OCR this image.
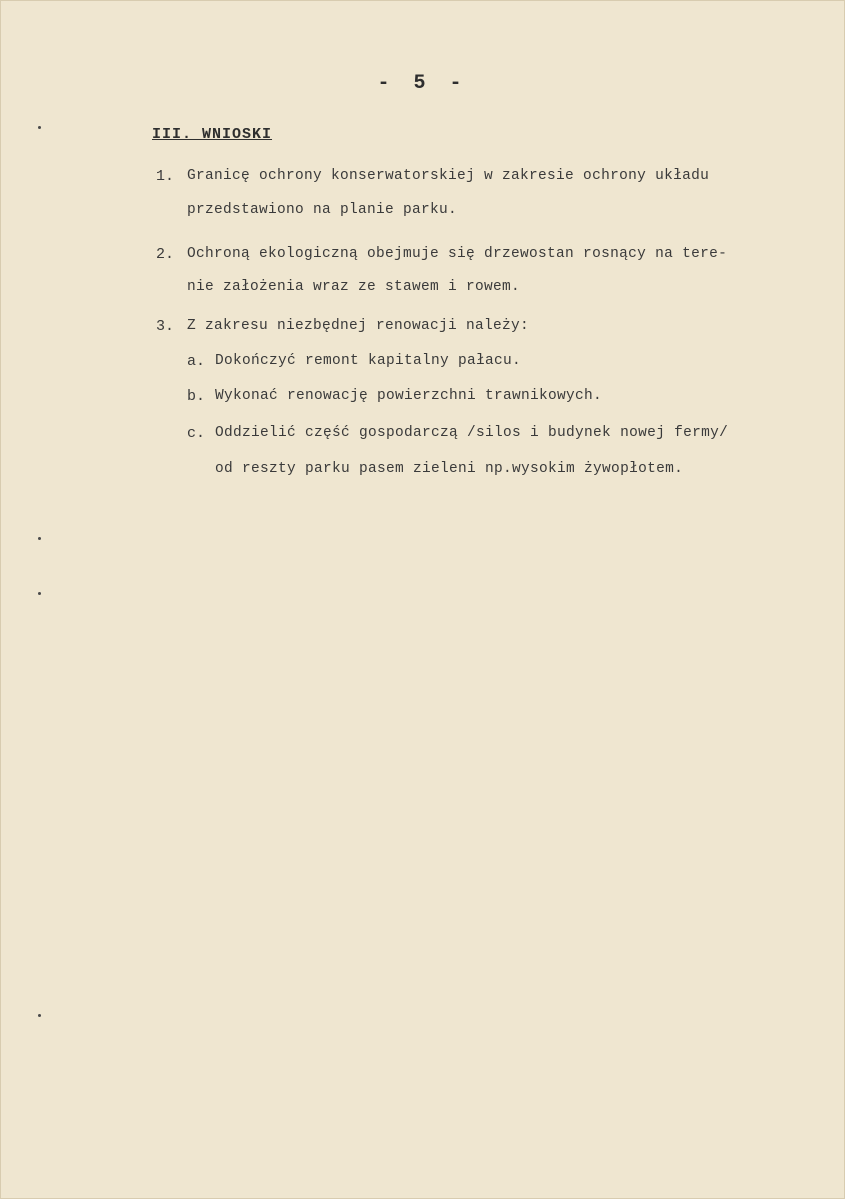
- 5 -
III. WNIOSKI
1. Granicę ochrony konserwatorskiej w zakresie ochrony układu
przedstawiono na planie parku.
2. Ochroną ekologiczną obejmuje się drzewostan rosnący na tere-
nie założenia wraz ze stawem i rowem.
3. Z zakresu niezbędnej renowacji należy:
a. Dokończyć remont kapitalny pałacu.
b. Wykonać renowację powierzchni trawnikowych.
c. Oddzielić część gospodarczą /silos i budynek nowej fermy/
od reszty parku pasem zieleni np.wysokim żywopłotem.
